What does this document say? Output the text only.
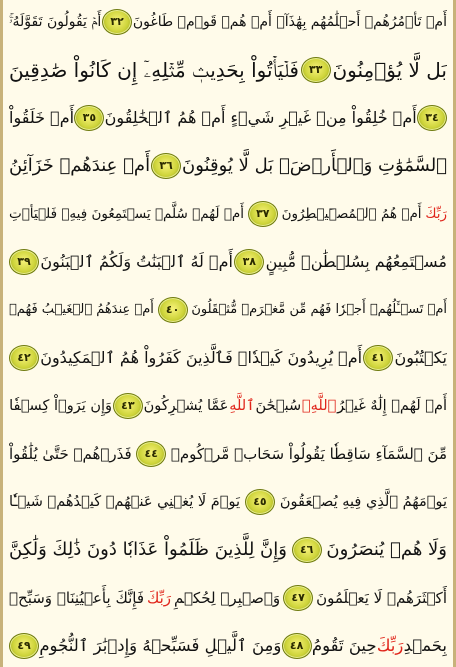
أَمۡ تَأۡمُرُهُمۡ أَحۡلَٰمُهُم بِهَٰذَآۚ أَمۡ هُمۡ قَوۡمٞ طَاغُونَ
٣٢
أَمۡ يَقُولُونَ تَقَوَّلَهُۥۚ
بَل لَّا يُؤۡمِنُونَ
٣٣
فَلۡيَأۡتُواْ بِحَدِيثٖ مِّثۡلِهِۦٓ إِن كَانُواْ صَٰدِقِينَ
٣٤
أَمۡ خُلِقُواْ مِنۡ غَيۡرِ شَيۡءٍ أَمۡ هُمُ ٱلۡخَٰلِقُونَ
٣٥
أَمۡ خَلَقُواْ
ٱلسَّمَٰوَٰتِ وَٱلۡأَرۡضَۚ بَل لَّا يُوقِنُونَ
٣٦
أَمۡ عِندَهُمۡ خَزَآئِنُ
رَبِّكَ
أَمۡ هُمُ ٱلۡمُصَۜيۡطِرُونَ
٣٧
أَمۡ لَهُمۡ سُلَّمٞ يَسۡتَمِعُونَ فِيهِۖ فَلۡيَأۡتِ
مُسۡتَمِعُهُم بِسُلۡطَٰنٖ مُّبِينٍ
٣٨
أَمۡ لَهُ ٱلۡبَنَٰتُ وَلَكُمُ ٱلۡبَنُونَ
٣٩
أَمۡ تَسۡـَٔلُهُمۡ أَجۡرٗا فَهُم مِّن مَّغۡرَمٖ مُّثۡقَلُونَ
٤٠
أَمۡ عِندَهُمُ ٱلۡغَيۡبُ فَهُمۡ
يَكۡتُبُونَ
٤١
أَمۡ يُرِيدُونَ كَيۡدٗاۖ فَٱلَّذِينَ كَفَرُواْ هُمُ ٱلۡمَكِيدُونَ
٤٢
أَمۡ لَهُمۡ إِلَٰهٌ غَيۡرُ
ٱللَّهِۚ
سُبۡحَٰنَ
ٱللَّهِ
عَمَّا يُشۡرِكُونَ
٤٣
وَإِن يَرَوۡاْ كِسۡفٗا
مِّنَ ٱلسَّمَآءِ سَاقِطٗا يَقُولُواْ سَحَابٞ مَّرۡكُومٞ
٤٤
فَذَرۡهُمۡ حَتَّىٰ يُلَٰقُواْ
يَوۡمَهُمُ ٱلَّذِي فِيهِ يُصۡعَقُونَ
٤٥
يَوۡمَ لَا يُغۡنِي عَنۡهُمۡ كَيۡدُهُمۡ شَيۡـٔٗا
وَلَا هُمۡ يُنصَرُونَ
٤٦
وَإِنَّ لِلَّذِينَ ظَلَمُواْ عَذَابٗا دُونَ ذَٰلِكَ وَلَٰكِنَّ
أَكۡثَرَهُمۡ لَا يَعۡلَمُونَ
٤٧
وَٱصۡبِرۡ لِحُكۡمِ
رَبِّكَ
فَإِنَّكَ بِأَعۡيُنِنَاۖ وَسَبِّحۡ
بِحَمۡدِ
رَبِّكَ
حِينَ تَقُومُ
٤٨
وَمِنَ ٱلَّيۡلِ فَسَبِّحۡهُ وَإِدۡبَٰرَ ٱلنُّجُومِ
٤٩
